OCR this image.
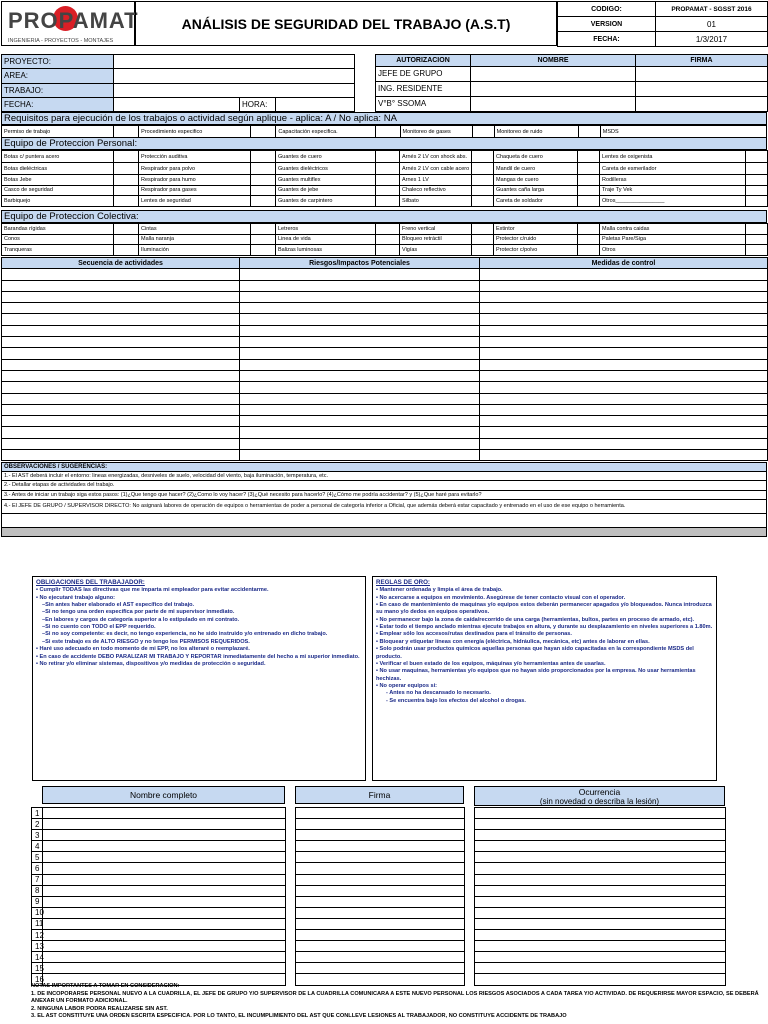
PROPAMAT
INGENIERIA - PROYECTOS - MONTAJES
ANÁLISIS DE SEGURIDAD DEL TRABAJO (A.S.T)
CODIGO:	PROPAMAT - SGSST 2016
VERSION	01
FECHA:	1/3/2017
PROYECTO:			
AREA:			
TRABAJO:			
FECHA:		HORA:	
AUTORIZACION	NOMBRE	FIRMA
JEFE DE GRUPO		
ING. RESIDENTE		
V°B° SSOMA		
Requisitos para ejecución de los trabajos o actividad según aplique - aplica: A / No aplica: NA
Permiso de trabajo		Procedimiento especifico		Capacitación especifica.		Monitoreo de gases		Monitoreo de ruido		MSDS
Equipo de Proteccion Personal:
Botas c/ puntera acero		Protección auditiva		Guantes de cuero		Arnés 2 LV con shock abs.		Chaqueta de cuero		Lentes de oxigenista	
Botas dieléctricas		Respirador para polvo		Guantes dieléctricos		Arnés 2 LV con cable acero		Mandil de cuero		Careta de esmerilador	
Botas Jebe		Respirador para humo		Guantes multiflex		Arnes 1 LV		Mangas de cuero		Rodilleras	
Casco de seguridad		Respirador para gases		Guantes de jebe		Chaleco reflectivo		Guantes caña larga		Traje Ty Vek	
Barbiquejo		Lentes de seguridad		Guantes de carpintero		Silbato		Careta de soldador		Otros________________	
Equipo de Proteccion Colectiva:
Barandas rígidas		Cintas		Letreros		Freno vertical		Extintor		Malla contra caidas	
Conos		Malla naranja		Linea de vida		Bloqueo retráctil		Protector c/ruido		Paletas Pare/Siga	
Tranqueras		Iluminación		Balizas luminosas		Vigías		Protector c/polvo		Otros	
Secuencia de actividades	Riesgos/Impactos Potenciales	Medidas de control

OBSERVACIONES / SUGERENCIAS:
1.- El AST deberá incluir el entorno: lineas energizadas, desniveles de suelo, velocidad del viento, baja iluminación, temperatura, etc.
2.- Detallar etapas de actividades del trabajo.
3.- Antes de iniciar un trabajo siga estos pasos: (1)¿Que tengo que hacer? (2)¿Como lo voy hacer? (3)¿Qué necesito para hacerlo? (4)¿Cómo me podría accidentar? y (5)¿Que haré para evitarlo?
4.- El JEFE DE GRUPO / SUPERVISOR DIRECTO: No asignará labores de operación de equipos o herramientas de poder a personal de categoría inferior a Oficial, que además deberá estar capacitado y entrenado en el uso de ese equipo o herramienta.

OBLIGACIONES DEL TRABAJADOR:
• Cumplir TODAS las directivas que me imparta mi empleador para evitar accidentarme.
• No ejecutaré trabajo alguno:
–Sin antes haber elaborado el AST específico del trabajo.
–Si no tengo una orden específica por parte de mi supervisor inmediato.
–En labores y cargos de categoría superior a lo estipulado en mi contrato.
–Si no cuento con TODO el EPP requerido.
–Si no soy competente: es decir, no tengo experiencia, no he sido instruido y/o entrenado en dicho trabajo.
–Si este trabajo es de ALTO RIESGO y no tengo los PERMISOS REQUERIDOS.
• Haré uso adecuado en todo momento de mi EPP, no los alteraré o reemplazaré.
• En caso de accidente DEBO PARALIZAR MI TRABAJO Y REPORTAR inmediatamente del hecho a mi superior inmediato.
• No retirar y/o eliminar sistemas, dispositivos y/o medidas de protección o seguridad.
REGLAS DE ORO:
• Mantener ordenada y limpia el área de trabajo.
• No acercarse a equipos en movimiento. Asegúrese de tener contacto visual con el operador.
• En caso de mantenimiento de maquinas y/o equipos estos deberán permanecer apagados y/o bloqueados. Nunca introduzca su mano y/o dedos en equipos operativos.
• No permanecer bajo la zona de caída/recorrido de una carga (herramientas, bultos, partes en proceso de armado, etc).
• Estar todo el tiempo anclado mientras ejecute trabajos en altura, y durante su desplazamiento en niveles superiores a 1.80m.
• Emplear sólo los accesos/rutas destinados para el tránsito de personas.
• Bloquear y etiquetar líneas con energía (eléctrica, hidráulica, mecánica, etc) antes de laborar en ellas.
• Solo podrán usar productos químicos aquellas personas que hayan sido capacitadas en la correspondiente MSDS del producto.
• Verificar el buen estado de los equipos, máquinas y/o herramientas antes de usarlas.
• No usar maquinas, herramientas y/o equipos que no hayan sido proporcionados por la empresa. No usar herramientas hechizas.
• No operar equipos si:
- Antes no ha descansado lo necesario.
- Se encuentra bajo los efectos del alcohol o drogas.
Nombre completo	Firma	Ocurrencia
(sin novedad o describa la lesión)
1					
2					
3					
4					
5					
6					
7					
8					
9					
10					
11					
12					
13					
14					
15					
16					
NOTAS IMPORTANTES A TOMAR EN CONSIDERACION:
1. DE INCOPORARSE PERSONAL NUEVO A LA CUADRILLA, EL JEFE DE GRUPO Y/O SUPERVISOR DE LA CUADRILLA COMUNICARA A ESTE NUEVO PERSONAL LOS RIESGOS ASOCIADOS A CADA TAREA Y/O ACTIVIDAD. DE REQUERIRSE MAYOR ESPACIO, SE DEBERÁ ANEXAR UN FORMATO ADICIONAL.
2. NINGUNA LABOR PODRA REALIZARSE SIN AST.
3. EL AST CONSTITUYE UNA ORDEN ESCRITA ESPECIFICA. POR LO TANTO, EL INCUMPLIMIENTO DEL AST QUE CONLLEVE LESIONES AL TRABAJADOR, NO CONSTITUYE ACCIDENTE DE TRABAJO
